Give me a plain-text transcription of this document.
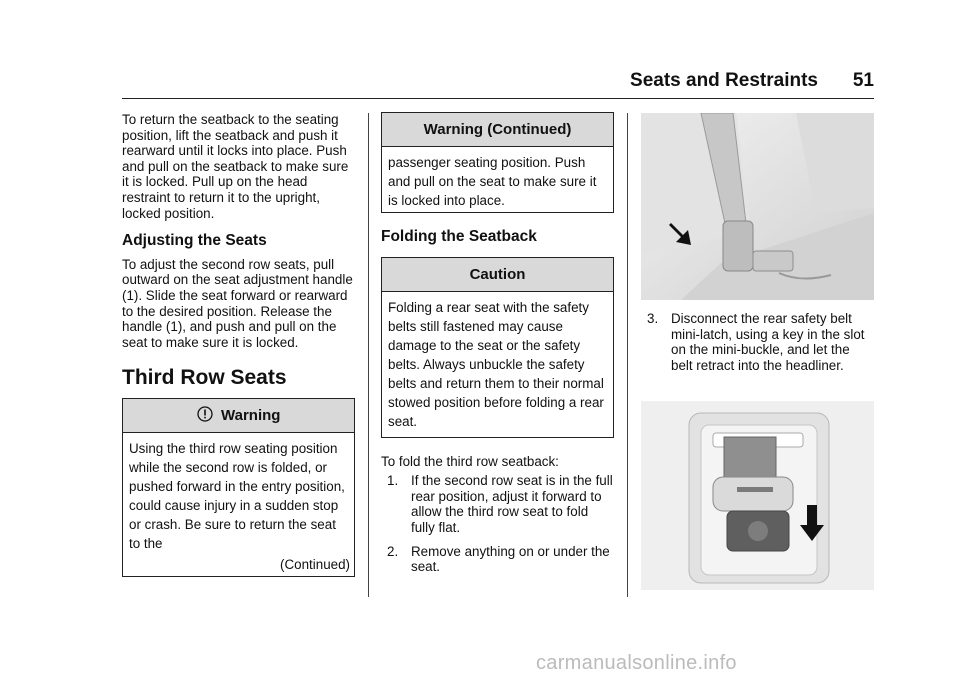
Seats and Restraints 51

To return the seatback to the seating position, lift the seatback and push it rearward until it locks into place. Push and pull on the seatback to make sure it is locked. Pull up on the head restraint to return it to the upright, locked position.

Adjusting the Seats

To adjust the second row seats, pull outward on the seat adjustment handle (1). Slide the seat forward or rearward to the desired position. Release the handle (1), and push and pull on the seat to make sure it is locked.

Third Row Seats
Warning
Using the third row seating position while the second row is folded, or pushed forward in the entry position, could cause injury in a sudden stop or crash. Be sure to return the seat to the
(Continued)
Warning (Continued)
passenger seating position. Push and pull on the seat to make sure it is locked into place.
Folding the Seatback
Caution
Folding a rear seat with the safety belts still fastened may cause damage to the seat or the safety belts. Always unbuckle the safety belts and return them to their normal stowed position before folding a rear seat.

To fold the third row seatback:

1. If the second row seat is in the full rear position, adjust it forward to allow the third row seat to fold fully flat.
2. Remove anything on or under the seat.
3. Disconnect the rear safety belt mini-latch, using a key in the slot on the mini-buckle, and let the belt retract into the headliner.
carmanualsonline.info
